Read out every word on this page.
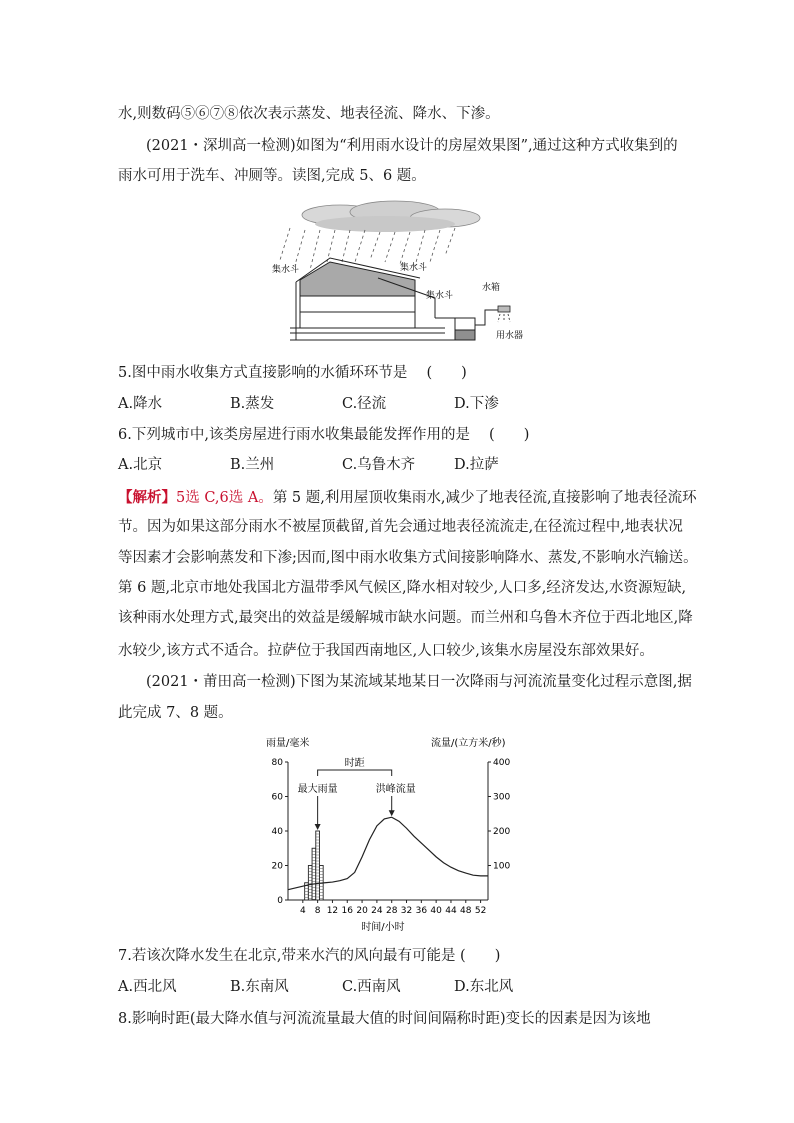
水,则数码⑤⑥⑦⑧依次表示蒸发、地表径流、降水、下渗。
(2021・深圳高一检测)如图为“利用雨水设计的房屋效果图”,通过这种方式收集到的
雨水可用于洗车、冲厕等。读图,完成 5、6 题。
集水斗	集水斗
集水斗
水箱
用水器
5.图中雨水收集方式直接影响的水循环环节是　 (　　)
A.降水	B.蒸发	C.径流	D.下渗
6.下列城市中,该类房屋进行雨水收集最能发挥作用的是　 (　　)
A.北京	B.兰州	C.乌鲁木齐	D.拉萨
【解析】5选 C,6选 A。第 5 题,利用屋顶收集雨水,减少了地表径流,直接影响了地表径流环
节。因为如果这部分雨水不被屋顶截留,首先会通过地表径流流走,在径流过程中,地表状况
等因素才会影响蒸发和下渗;因而,图中雨水收集方式间接影响降水、蒸发,不影响水汽输送。
第 6 题,北京市地处我国北方温带季风气候区,降水相对较少,人口多,经济发达,水资源短缺,
该种雨水处理方式,最突出的效益是缓解城市缺水问题。而兰州和乌鲁木齐位于西北地区,降
水较少,该方式不适合。拉萨位于我国西南地区,人口较少,该集水房屋没东部效果好。
(2021・莆田高一检测)下图为某流域某地某日一次降雨与河流流量变化过程示意图,据
此完成 7、8 题。
雨量/毫米	流量/(立方米/秒)
时间/小时
0
20
40
60
80
100
200
300
400
4 8 12 16 20 24 28 32 36 40 44 48 52
时距
最大雨量	洪峰流量
7.若该次降水发生在北京,带来水汽的风向最有可能是 (　　)
A.西北风	B.东南风	C.西南风	D.东北风
8.影响时距(最大降水值与河流流量最大值的时间间隔称时距)变长的因素是因为该地
